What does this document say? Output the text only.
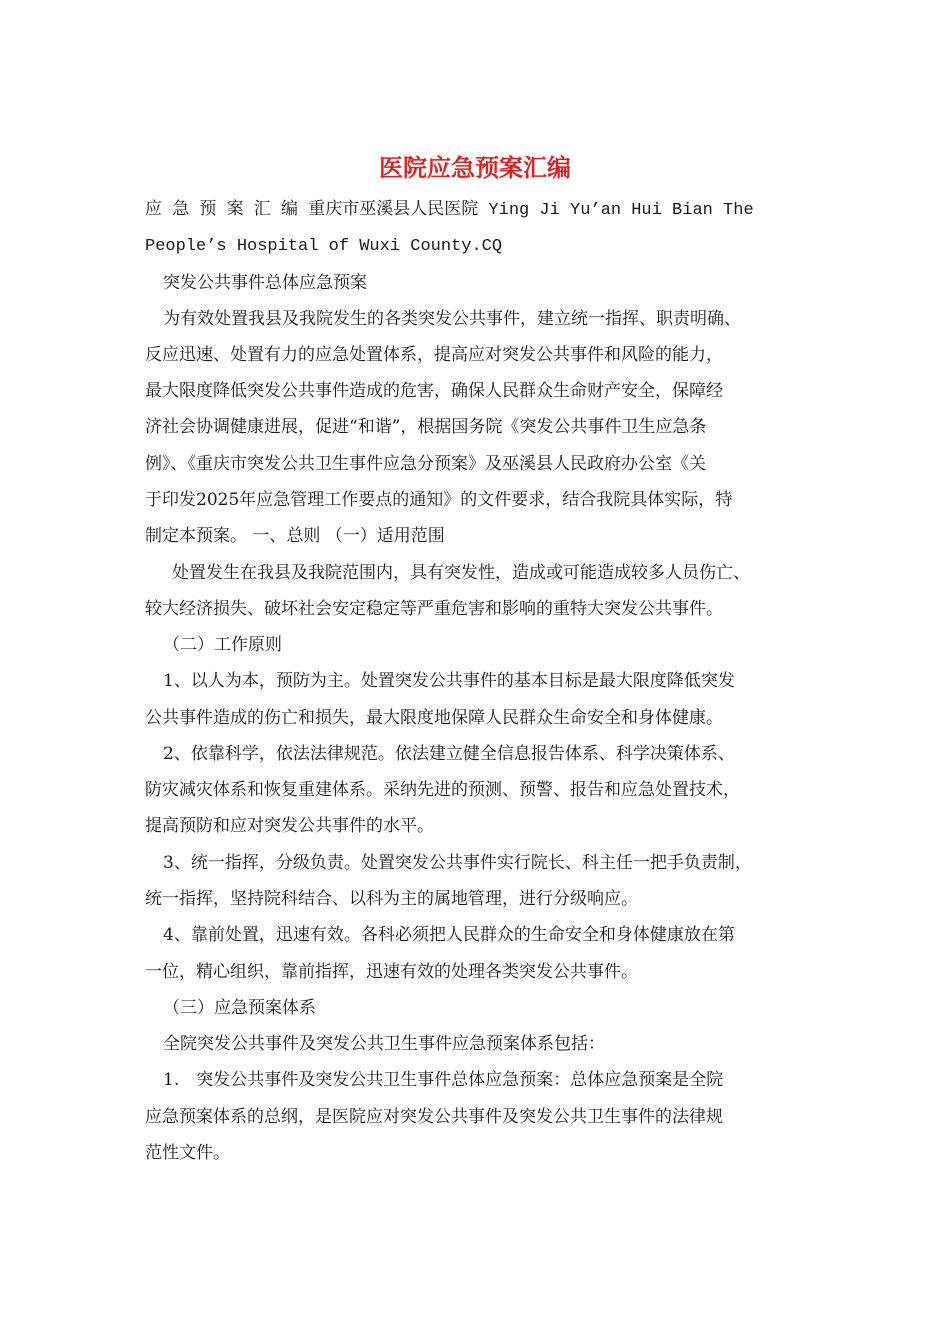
医院应急预案汇编
应 急 预 案 汇 编 重庆市巫溪县人民医院 Ying Ji Yu’an Hui Bian The
People’s Hospital of Wuxi County.CQ
突发公共事件总体应急预案
为有效处置我县及我院发生的各类突发公共事件，建立统一指挥、职责明确、
反应迅速、处置有力的应急处置体系，提高应对突发公共事件和风险的能力，
最大限度降低突发公共事件造成的危害，确保人民群众生命财产安全，保障经
济社会协调健康进展，促进“和谐”，根据国务院《突发公共事件卫生应急条
例》、《重庆市突发公共卫生事件应急分预案》及巫溪县人民政府办公室《关
于印发2025年应急管理工作要点的通知》的文件要求，结合我院具体实际，特
制定本预案。 一、总则 （一）适用范围
处置发生在我县及我院范围内，具有突发性，造成或可能造成较多人员伤亡、
较大经济损失、破坏社会安定稳定等严重危害和影响的重特大突发公共事件。
（二）工作原则
1、以人为本，预防为主。处置突发公共事件的基本目标是最大限度降低突发
公共事件造成的伤亡和损失，最大限度地保障人民群众生命安全和身体健康。
2、依靠科学，依法法律规范。依法建立健全信息报告体系、科学决策体系、
防灾减灾体系和恢复重建体系。采纳先进的预测、预警、报告和应急处置技术，
提高预防和应对突发公共事件的水平。
3、统一指挥，分级负责。处置突发公共事件实行院长、科主任一把手负责制，
统一指挥，坚持院科结合、以科为主的属地管理，进行分级响应。
4、靠前处置，迅速有效。各科必须把人民群众的生命安全和身体健康放在第
一位，精心组织，靠前指挥，迅速有效的处理各类突发公共事件。
（三）应急预案体系
全院突发公共事件及突发公共卫生事件应急预案体系包括：
1.　突发公共事件及突发公共卫生事件总体应急预案：总体应急预案是全院
应急预案体系的总纲，是医院应对突发公共事件及突发公共卫生事件的法律规
范性文件。
